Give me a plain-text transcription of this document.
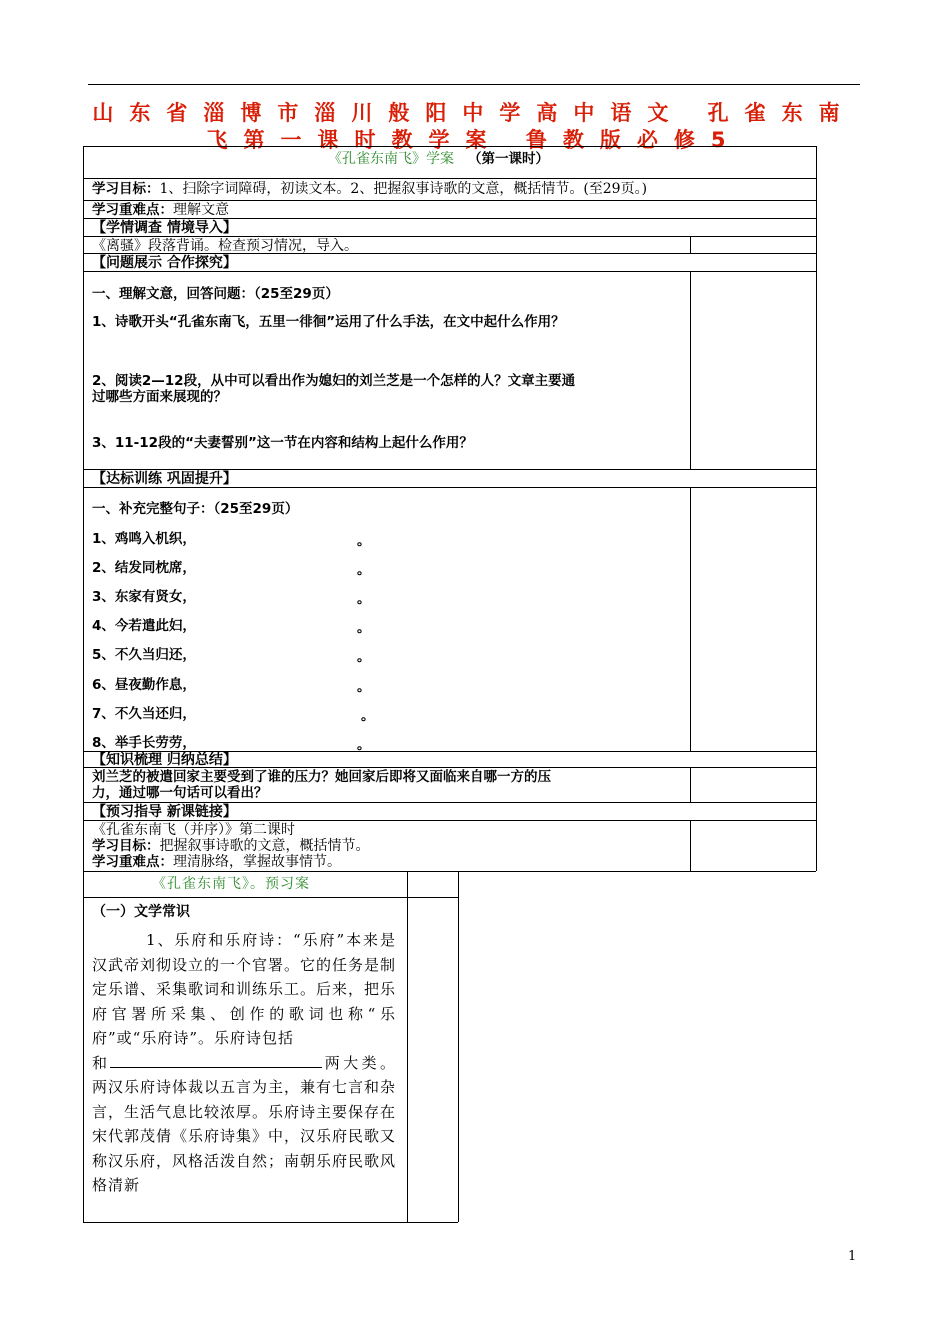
山东省淄博市淄川般阳中学高中语文 孔雀东南
飞第一课时教学案 鲁教版必修5
《孔雀东南飞》学案 （第一课时）
学习目标：1、扫除字词障碍，初读文本。2、把握叙事诗歌的文意，概括情节。(至29页。)
学习重难点：理解文意
【学情调查 情境导入】
《离骚》段落背诵。检查预习情况，导入。
【问题展示 合作探究】
一、理解文意，回答问题：（25至29页）
1、诗歌开头“孔雀东南飞，五里一徘徊”运用了什么手法，在文中起什么作用？
2、阅读2—12段，从中可以看出作为媳妇的刘兰芝是一个怎样的人？文章主要通
过哪些方面来展现的？
3、11-12段的“夫妻誓别”这一节在内容和结构上起什么作用？
【达标训练 巩固提升】
一、补充完整句子：（25至29页）
1、鸡鸣入机织，
2、结发同枕席，
3、东家有贤女，
4、今若遣此妇，
5、不久当归还，
6、昼夜勤作息，
7、不久当还归，
8、举手长劳劳，
。
。
。
。
。
。
。
。
【知识梳理 归纳总结】
刘兰芝的被遣回家主要受到了谁的压力？她回家后即将又面临来自哪一方的压
力，通过哪一句话可以看出？
【预习指导 新课链接】
《孔雀东南飞（并序）》第二课时
学习目标：把握叙事诗歌的文意，概括情节。
学习重难点：理清脉络，掌握故事情节。
《孔雀东南飞》。预习案
（一）文学常识
1、乐府和乐府诗：“乐府”本来是汉武帝刘彻设立的一个官署。它的任务是制定乐谱、采集歌词和训练乐工。后来，把乐府官署所采集、创作的歌词也称“乐府”或“乐府诗”。乐府诗包括
和	两大类。两汉乐府诗体裁以五言为主，兼有七言和杂言，生活气息比较浓厚。乐府诗主要保存在宋代郭茂倩《乐府诗集》中，汉乐府民歌又称汉乐府，风格活泼自然；南朝乐府民歌风格清新
1
